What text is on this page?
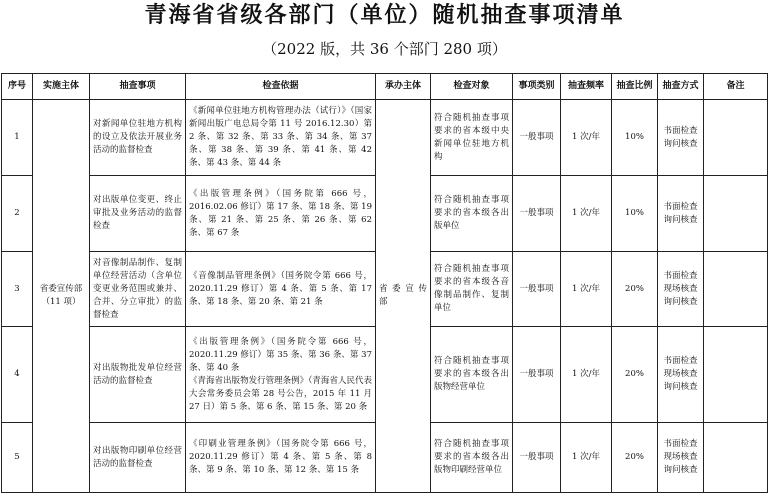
青海省省级各部门（单位）随机抽查事项清单
（2022 版，共 36 个部门 280 项）
序号	实施主体	抽查事项	检查依据	承办主体	检查对象	事项类别	抽查频率	抽查比例	抽查方式	备注
1	省委宣传部（11 项）	对新闻单位驻地方机构的设立及依法开展业务活动的监督检查	《新闻单位驻地方机构管理办法（试行）》（国家新闻出版广电总局令第 11 号 2016.12.30）第 2 条、第 32 条、第 33 条、第 34 条、第 37 条、第 38 条、第 39 条、第 41 条、第 42 条、第 43 条、第 44 条	省 委 宣 传部	符合随机抽查事项要求的省本级中央新闻单位驻地方机构	一般事项	1 次/年	10%	书面检查询问核查	
2		对出版单位变更、终止审批及业务活动的监督检查	《出版管理条例》（国务院第 666 号，2016.02.06 修订）第 17 条、第 18 条、第 19 条、第 21 条、第 25 条、第 26 条、第 62 条、第 67 条		符合随机抽查事项要求的省本级各出版单位	一般事项	1 次/年	10%	书面检查询问核查	
3		对音像制品制作、复制单位经营活动（含单位变更业务范围或兼并、合并、分立审批）的监督检查	《音像制品管理条例》（国务院令第 666 号，2020.11.29 修订）第 4 条、第 5 条、第 17 条、第 18 条、第 20 条、第 21 条		符合随机抽查事项要求的省本级各音像制品制作、复制单位	一般事项	1 次/年	20%	书面检查现场核查询问核查	
4		对出版物批发单位经营活动的监督检查	《出版管理条例》（国务院令第 666 号，2020.11.29 修订）第 35 条、第 36 条、第 37 条、第 40 条
《青海省出版物发行管理条例》（青海省人民代表大会常务委员会第 28 号公告，2015 年 11 月 27 日）第 5 条、第 6 条、第 15 条、第 20 条		符合随机抽查事项要求的省本级各出版物经营单位	一般事项	1 次/年	20%	书面检查现场核查询问核查	
5		对出版物印刷单位经营活动的监督检查	《印刷业管理条例》（国务院令第 666 号，2020.11.29 修订）第 4 条、第 5 条、第 8 条、第 9 条、第 10 条、第 12 条、第 15 条		符合随机抽查事项要求的省本级各出版物印刷经营单位	一般事项	1 次/年	20%	书面检查现场核查询问核查	
